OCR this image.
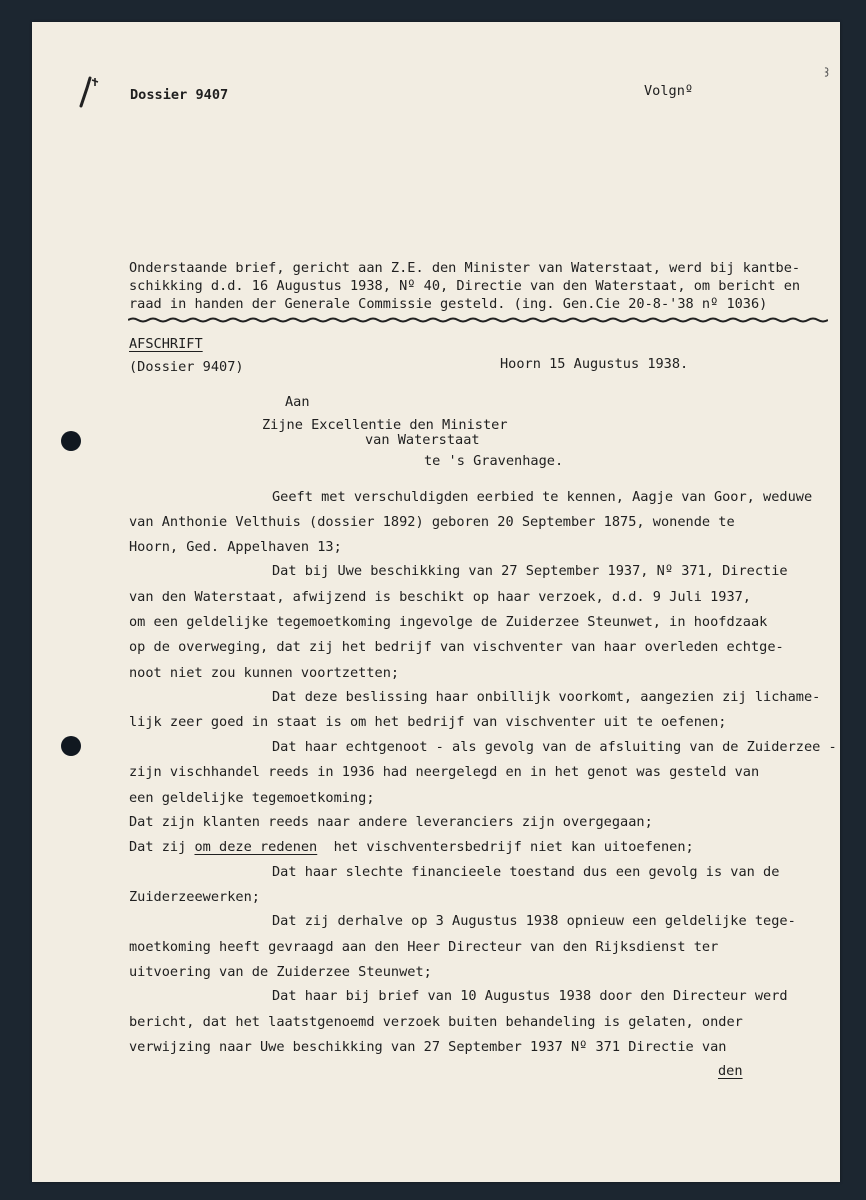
Dossier 9407	Volgnº
Onderstaande brief, gericht aan Z.E. den Minister van Waterstaat, werd bij kantbe-
schikking d.d. 16 Augustus 1938, Nº 40, Directie van den Waterstaat, om bericht en
raad in handen der Generale Commissie gesteld. (ing. Gen.Cie 20-8-'38 nº 1036)
AFSCHRIFT
(Dossier 9407)	Hoorn 15 Augustus 1938.
Aan
Zijne Excellentie den Minister
van Waterstaat
te 's Gravenhage.
Geeft met verschuldigden eerbied te kennen, Aagje van Goor, weduwe
van Anthonie Velthuis (dossier 1892) geboren 20 September 1875, wonende te
Hoorn, Ged. Appelhaven 13;
Dat bij Uwe beschikking van 27 September 1937, Nº 371, Directie
van den Waterstaat, afwijzend is beschikt op haar verzoek, d.d. 9 Juli 1937,
om een geldelijke tegemoetkoming ingevolge de Zuiderzee Steunwet, in hoofdzaak
op de overweging, dat zij het bedrijf van vischventer van haar overleden echtge-
noot niet zou kunnen voortzetten;
Dat deze beslissing haar onbillijk voorkomt, aangezien zij lichame-
lijk zeer goed in staat is om het bedrijf van vischventer uit te oefenen;
Dat haar echtgenoot - als gevolg van de afsluiting van de Zuiderzee -
zijn vischhandel reeds in 1936 had neergelegd en in het genot was gesteld van
een geldelijke tegemoetkoming;
Dat zijn klanten reeds naar andere leveranciers zijn overgegaan;
Dat zij om deze redenen  het vischventersbedrijf niet kan uitoefenen;
Dat haar slechte financieele toestand dus een gevolg is van de
Zuiderzeewerken;
Dat zij derhalve op 3 Augustus 1938 opnieuw een geldelijke tege-
moetkoming heeft gevraagd aan den Heer Directeur van den Rijksdienst ter
uitvoering van de Zuiderzee Steunwet;
Dat haar bij brief van 10 Augustus 1938 door den Directeur werd
bericht, dat het laatstgenoemd verzoek buiten behandeling is gelaten, onder
verwijzing naar Uwe beschikking van 27 September 1937 Nº 371 Directie van
den
